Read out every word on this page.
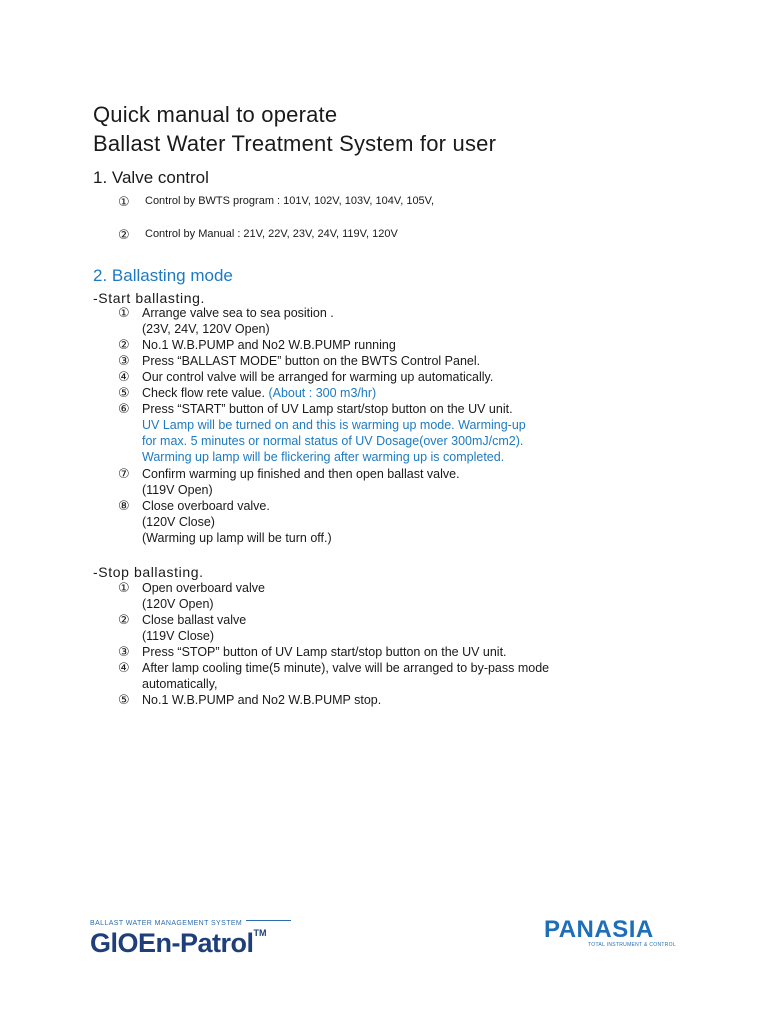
Quick manual to operate
Ballast Water Treatment System for user
1. Valve control
① Control by BWTS program : 101V, 102V, 103V, 104V, 105V,
② Control by Manual : 21V, 22V, 23V, 24V, 119V, 120V
2. Ballasting mode
-Start ballasting.
① Arrange valve sea to sea position .
(23V, 24V, 120V Open)
② No.1 W.B.PUMP and No2 W.B.PUMP running
③ Press “BALLAST MODE” button on the BWTS Control Panel.
④ Our control valve will be arranged for warming up automatically.
⑤ Check flow rete value. (About : 300 m3/hr)
⑥ Press “START” button of UV Lamp start/stop button on the UV unit.
UV Lamp will be turned on and this is warming up mode. Warming-up
for max. 5 minutes or normal status of UV Dosage(over 300mJ/cm2).
Warming up lamp will be flickering after warming up is completed.
⑦ Confirm warming up finished and then open ballast valve.
(119V Open)
⑧ Close overboard valve.
(120V Close)
(Warming up lamp will be turn off.)
-Stop ballasting.
① Open overboard valve
(120V Open)
② Close ballast valve
(119V Close)
③ Press “STOP” button of UV Lamp start/stop button on the UV unit.
④ After lamp cooling time(5 minute), valve will be arranged to by-pass mode
automatically,
⑤ No.1 W.B.PUMP and No2 W.B.PUMP stop.
BALLAST WATER MANAGEMENT SYSTEM
GlOEn-Patrol™	PANASIA
TOTAL INSTRUMENT & CONTROL
